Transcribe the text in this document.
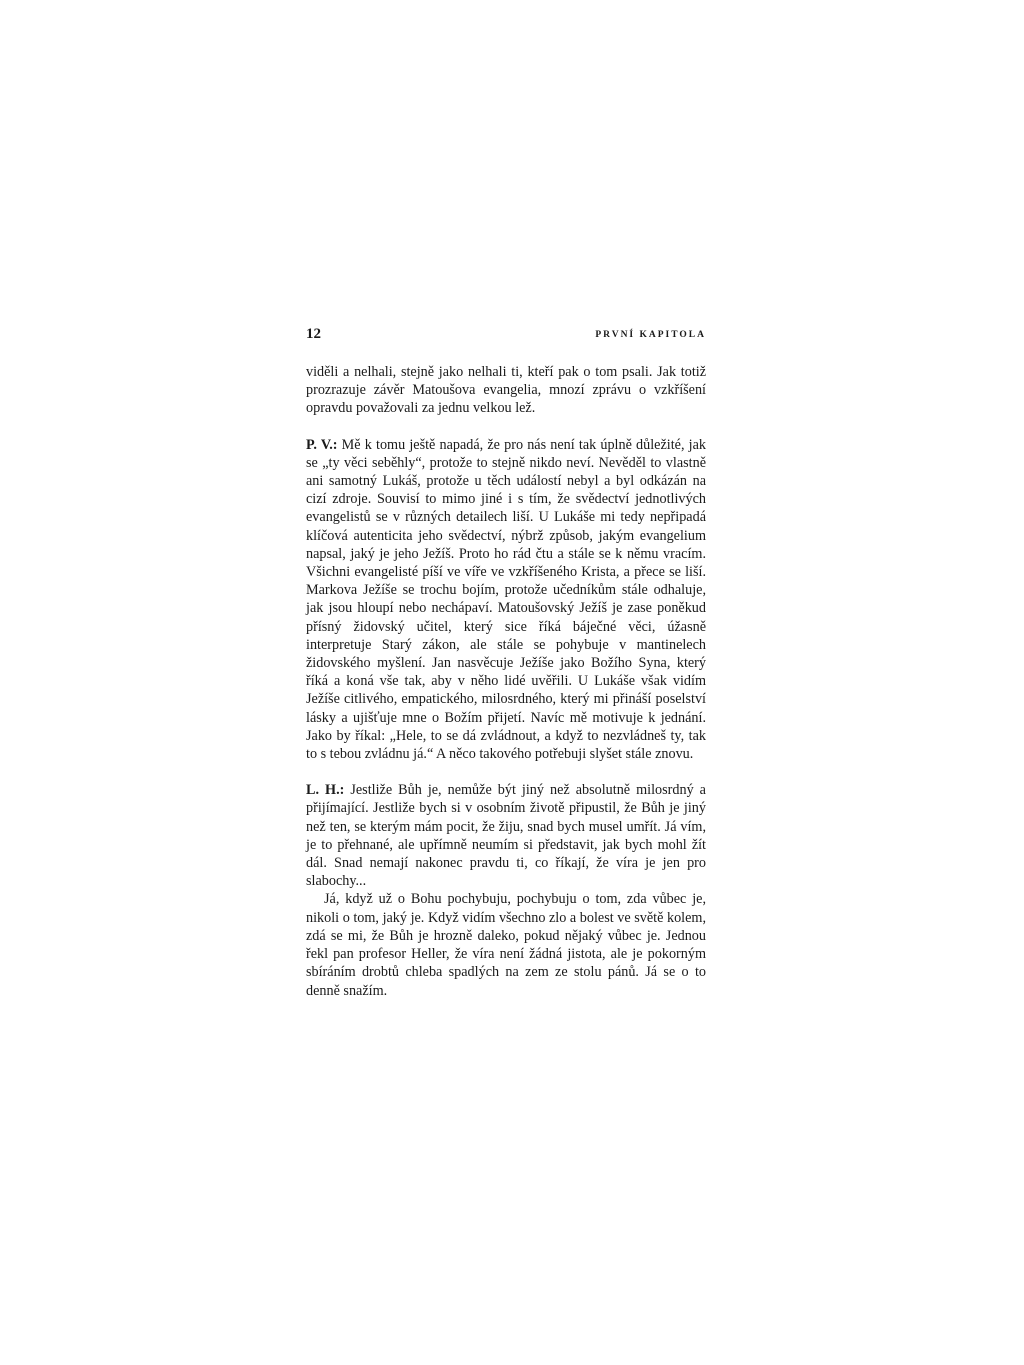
12	PRVNÍ KAPITOLA

viděli a nelhali, stejně jako nelhali ti, kteří pak o tom psali. Jak totiž prozrazuje závěr Matoušova evangelia, mnozí zprávu o vzkříšení opravdu považovali za jednu velkou lež.

P. V.: Mě k tomu ještě napadá, že pro nás není tak úplně důležité, jak se „ty věci seběhly“, protože to stejně nikdo neví. Nevěděl to vlastně ani samotný Lukáš, protože u těch událostí nebyl a byl odkázán na cizí zdroje. Souvisí to mimo jiné i s tím, že svědectví jednotlivých evangelistů se v různých detailech liší. U Lukáše mi tedy nepřipadá klíčová autenticita jeho svědectví, nýbrž způsob, jakým evangelium napsal, jaký je jeho Ježíš. Proto ho rád čtu a stále se k němu vracím. Všichni evangelisté píší ve víře ve vzkříšeného Krista, a přece se liší. Markova Ježíše se trochu bojím, protože učedníkům stále odhaluje, jak jsou hloupí nebo nechápaví. Matoušovský Ježíš je zase poněkud přísný židovský učitel, který sice říká báječné věci, úžasně interpretuje Starý zákon, ale stále se pohybuje v mantinelech židovského myšlení. Jan nasvěcuje Ježíše jako Božího Syna, který říká a koná vše tak, aby v něho lidé uvěřili. U Lukáše však vidím Ježíše citlivého, empatického, milosrdného, který mi přináší poselství lásky a ujišťuje mne o Božím přijetí. Navíc mě motivuje k jednání. Jako by říkal: „Hele, to se dá zvládnout, a když to nezvládneš ty, tak to s tebou zvládnu já.“ A něco takového potřebuji slyšet stále znovu.

L. H.: Jestliže Bůh je, nemůže být jiný než absolutně milosrdný a přijímající. Jestliže bych si v osobním životě připustil, že Bůh je jiný než ten, se kterým mám pocit, že žiju, snad bych musel umřít. Já vím, je to přehnané, ale upřímně neumím si představit, jak bych mohl žít dál. Snad nemají nakonec pravdu ti, co říkají, že víra je jen pro slabochy...

Já, když už o Bohu pochybuju, pochybuju o tom, zda vůbec je, nikoli o tom, jaký je. Když vidím všechno zlo a bolest ve světě kolem, zdá se mi, že Bůh je hrozně daleko, pokud nějaký vůbec je. Jednou řekl pan profesor Heller, že víra není žádná jistota, ale je pokorným sbíráním drobtů chleba spadlých na zem ze stolu pánů. Já se o to denně snažím.
